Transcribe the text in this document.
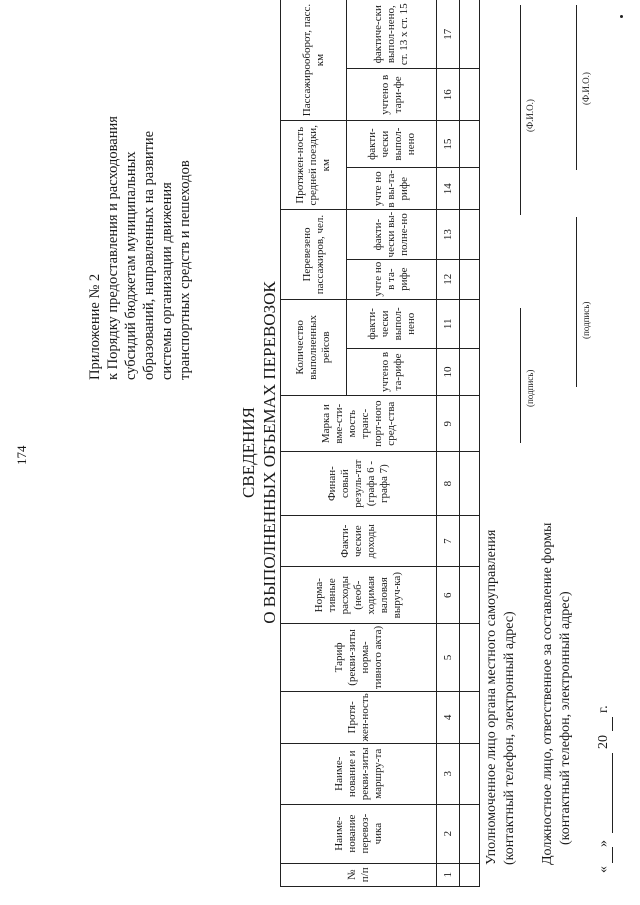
174
Приложение № 2 к Порядку предоставления и расходования субсидий бюджетам муниципальных образований, направленных на развитие системы организации движения транспортных средств и пешеходов
СВЕДЕНИЯ О ВЫПОЛНЕННЫХ ОБЪЕМАХ ПЕРЕВОЗОК
№ п/п	Наиме-нование перевоз-чика	Наиме-нование и рекви-зиты маршру-та	Протя-жен-ность	Тариф (рекви-зиты норма-тивного акта)	Норма-тивные расходы (необ-ходимая валовая выруч-ка)	Факти-ческие доходы	Финан-совый резуль-тат (графа 6 - графа 7)	Марка и вме-сти-мость транс-порт-ного сред-ства	Количество выполненных рейсов		Перевезено пассажиров, чел.		Протяжен-ность средней поездки, км		Пассажирооборот, пасс. км	
									учтено в та-рифе	факти-чески выпол-нено	учте но в та-рифе	факти-чески вы-полне-но	учте но в вы-та-рифе	факти-чески выпол-нено	учтено в тари-фе	фактиче-ски выпол-нено, ст. 13 х ст. 15
1	2	3	4	5	6	7	8	9	10	11	12	13	14	15	16	17

Уполномоченное лицо органа местного самоуправления (контактный телефон, электронный адрес)
(подпись)
(Ф.И.О.)
Должностное лицо, ответственное за составление формы (контактный телефон, электронный адрес)
(подпись)
(Ф.И.О.)
«
»
20
г.
